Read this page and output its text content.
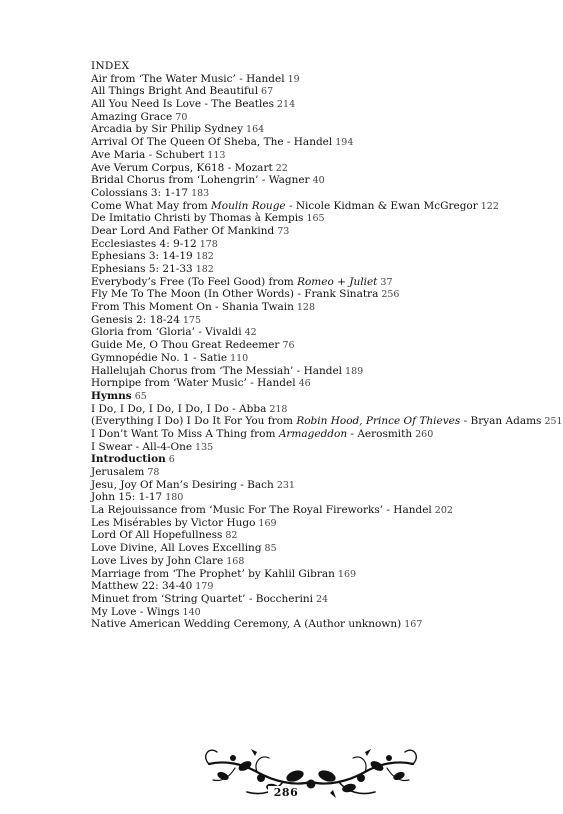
INDEX
Air from ‘The Water Music’ - Handel 19
All Things Bright And Beautiful 67
All You Need Is Love - The Beatles 214
Amazing Grace 70
Arcadia by Sir Philip Sydney 164
Arrival Of The Queen Of Sheba, The - Handel 194
Ave Maria - Schubert 113
Ave Verum Corpus, K618 - Mozart 22
Bridal Chorus from ‘Lohengrin’ - Wagner 40
Colossians 3: 1-17 183
Come What May from Moulin Rouge - Nicole Kidman & Ewan McGregor 122
De Imitatio Christi by Thomas à Kempis 165
Dear Lord And Father Of Mankind 73
Ecclesiastes 4: 9-12 178
Ephesians 3: 14-19 182
Ephesians 5: 21-33 182
Everybody’s Free (To Feel Good) from Romeo + Juliet 37
Fly Me To The Moon (In Other Words) - Frank Sinatra 256
From This Moment On - Shania Twain 128
Genesis 2: 18-24 175
Gloria from ‘Gloria’ - Vivaldi 42
Guide Me, O Thou Great Redeemer 76
Gymnopédie No. 1 - Satie 110
Hallelujah Chorus from ‘The Messiah’ - Handel 189
Hornpipe from ‘Water Music’ - Handel 46
Hymns 65
I Do, I Do, I Do, I Do, I Do - Abba 218
(Everything I Do) I Do It For You from Robin Hood, Prince Of Thieves - Bryan Adams 251
I Don’t Want To Miss A Thing from Armageddon - Aerosmith 260
I Swear - All-4-One 135
Introduction 6
Jerusalem 78
Jesu, Joy Of Man’s Desiring - Bach 231
John 15: 1-17 180
La Rejouissance from ‘Music For The Royal Fireworks’ - Handel 202
Les Misérables by Victor Hugo 169
Lord Of All Hopefullness 82
Love Divine, All Loves Excelling 85
Love Lives by John Clare 168
Marriage from ‘The Prophet’ by Kahlil Gibran 169
Matthew 22: 34-40 179
Minuet from ‘String Quartet’ - Boccherini 24
My Love - Wings 140
Native American Wedding Ceremony, A (Author unknown) 167
286
